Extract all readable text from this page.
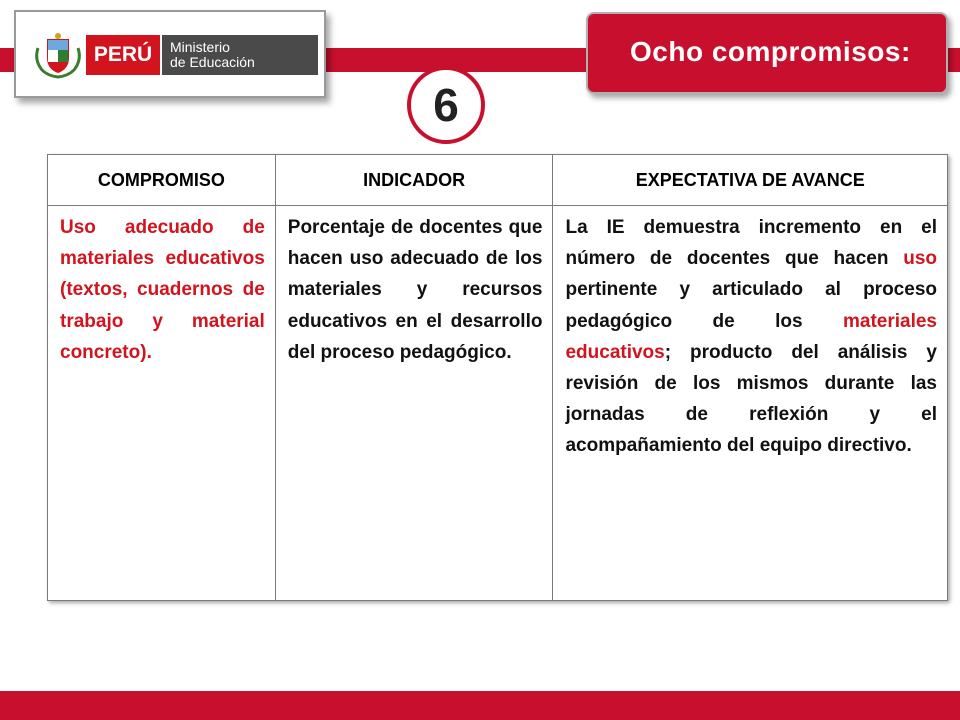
PERÚ	Ministerio
de Educación	Ocho compromisos:
6
COMPROMISO	INDICADOR	EXPECTATIVA DE AVANCE

Uso adecuado de materiales educativos (textos, cuadernos de trabajo y material concreto).	Porcentaje de docentes que hacen uso adecuado de los materiales y recursos educativos en el desarrollo del proceso pedagógico.	La IE demuestra incremento en el número de docentes que hacen uso pertinente y articulado al proceso pedagógico de los materiales educativos; producto del análisis y revisión de los mismos durante las jornadas de reflexión y el acompañamiento del equipo directivo.
